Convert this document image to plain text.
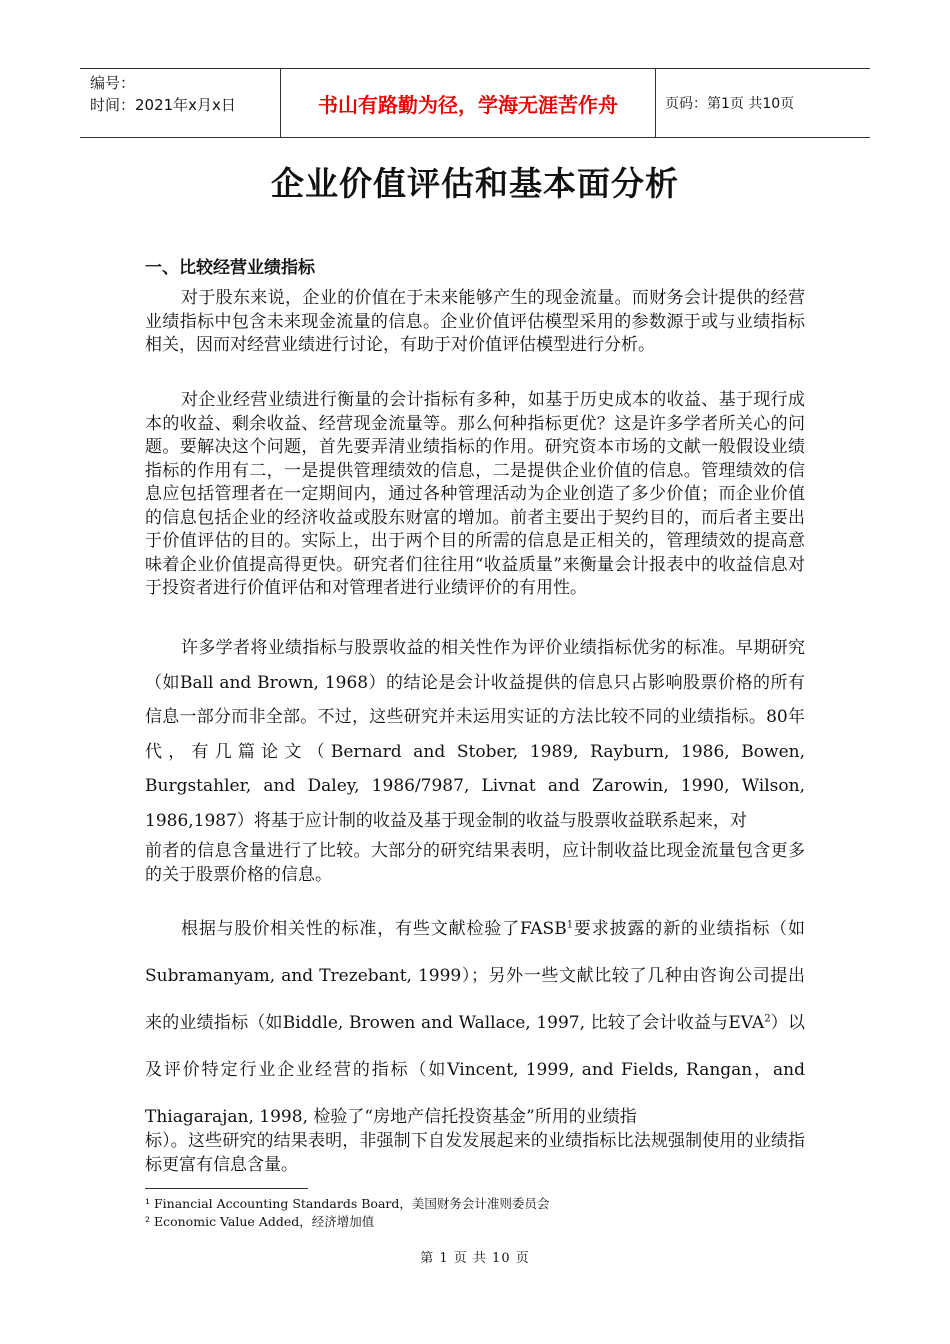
编号：
时间：2021年x月x日	书山有路勤为径，学海无涯苦作舟	页码：第1页 共10页
企业价值评估和基本面分析
一、比较经营业绩指标
对于股东来说，企业的价值在于未来能够产生的现金流量。而财务会计提供的经营业绩指标中包含未来现金流量的信息。企业价值评估模型采用的参数源于或与业绩指标相关，因而对经营业绩进行讨论，有助于对价值评估模型进行分析。
对企业经营业绩进行衡量的会计指标有多种，如基于历史成本的收益、基于现行成本的收益、剩余收益、经营现金流量等。那么何种指标更优？这是许多学者所关心的问题。要解决这个问题，首先要弄清业绩指标的作用。研究资本市场的文献一般假设业绩指标的作用有二，一是提供管理绩效的信息，二是提供企业价值的信息。管理绩效的信息应包括管理者在一定期间内，通过各种管理活动为企业创造了多少价值；而企业价值的信息包括企业的经济收益或股东财富的增加。前者主要出于契约目的，而后者主要出于价值评估的目的。实际上，出于两个目的所需的信息是正相关的，管理绩效的提高意味着企业价值提高得更快。研究者们往往用“收益质量”来衡量会计报表中的收益信息对于投资者进行价值评估和对管理者进行业绩评价的有用性。
许多学者将业绩指标与股票收益的相关性作为评价业绩指标优劣的标准。早期研究（如Ball and Brown, 1968）的结论是会计收益提供的信息只占影响股票价格的所有信息一部分而非全部。不过，这些研究并未运用实证的方法比较不同的业绩指标。80年代，有几篇论文（Bernard and Stober, 1989, Rayburn, 1986, Bowen, Burgstahler, and Daley, 1986/7987, Livnat and Zarowin, 1990, Wilson, 1986,1987）将基于应计制的收益及基于现金制的收益与股票收益联系起来，对
前者的信息含量进行了比较。大部分的研究结果表明，应计制收益比现金流量包含更多的关于股票价格的信息。
根据与股价相关性的标准，有些文献检验了FASB$^1$要求披露的新的业绩指标（如Subramanyam, and Trezebant, 1999）；另外一些文献比较了几种由咨询公司提出来的业绩指标（如Biddle, Browen and Wallace, 1997, 比较了会计收益与EVA$^2$）以及评价特定行业企业经营的指标（如Vincent, 1999, and Fields, Rangan，and Thiagarajan, 1998, 检验了“房地产信托投资基金”所用的业绩指
标）。这些研究的结果表明，非强制下自发发展起来的业绩指标比法规强制使用的业绩指标更富有信息含量。
¹ Financial Accounting Standards Board，美国财务会计准则委员会
² Economic Value Added，经济增加值
第 1 页 共 10 页
